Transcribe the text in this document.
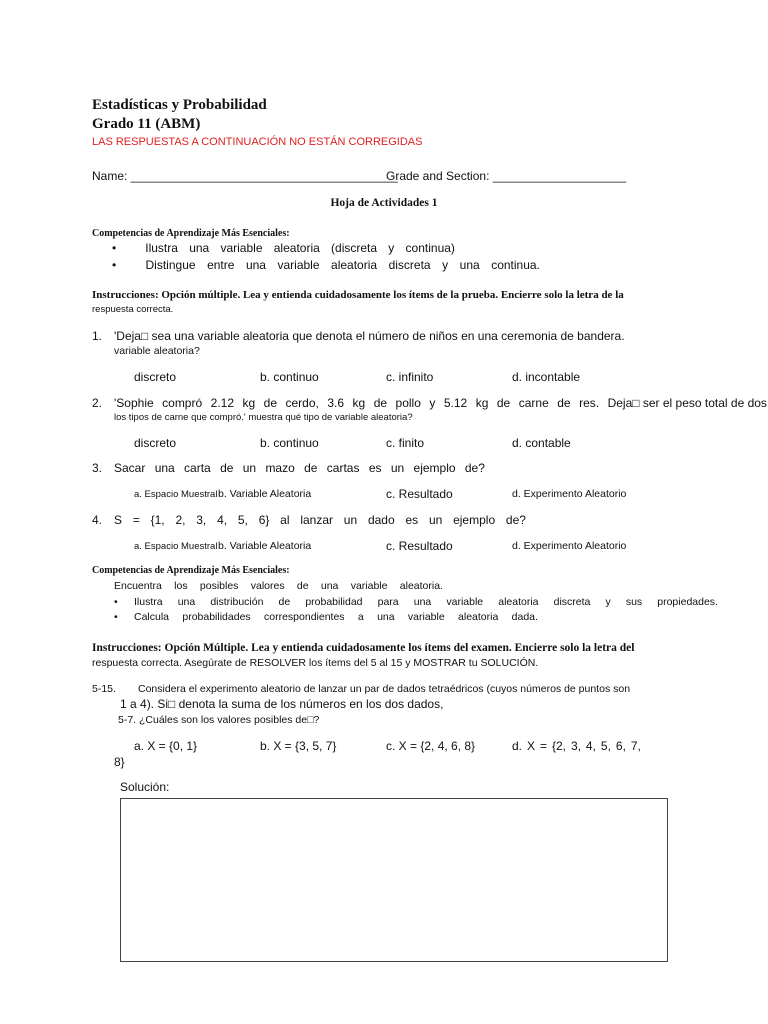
Estadísticas y Probabilidad
Grado 11 (ABM)
LAS RESPUESTAS A CONTINUACIÓN NO ESTÁN CORREGIDAS
Name: ________________________________________
Grade and Section: ____________________
Hoja de Actividades 1
Competencias de Aprendizaje Más Esenciales:
Ilustra una variable aleatoria (discreta y continua)
Distingue entre una variable aleatoria discreta y una continua.
Instrucciones: Opción múltiple. Lea y entienda cuidadosamente los ítems de la prueba. Encierre solo la letra de la
respuesta correcta.
1. 'Deja□ sea una variable aleatoria que denota el número de niños en una ceremonia de bandera.
variable aleatoria?
discreto	b. continuo	c. infinito	d. incontable
2. 'Sophie compró 2.12 kg de cerdo, 3.6 kg de pollo y 5.12 kg de carne de res. Deja□ ser el peso total de dos
los tipos de carne que compró.' muestra qué tipo de variable aleatoria?
discreto	b. continuo	c. finito	d. contable
3. Sacar una carta de un mazo de cartas es un ejemplo de?
a. Espacio Muestral b. Variable Aleatoria	c. Resultado	d. Experimento Aleatorio
4. S = {1, 2, 3, 4, 5, 6} al lanzar un dado es un ejemplo de?
a. Espacio Muestral b. Variable Aleatoria	c. Resultado	d. Experimento Aleatorio
Competencias de Aprendizaje Más Esenciales:
Encuentra los posibles valores de una variable aleatoria.
• Ilustra una distribución de probabilidad para una variable aleatoria discreta y sus propiedades.
• Calcula probabilidades correspondientes a una variable aleatoria dada.
Instrucciones: Opción Múltiple. Lea y entienda cuidadosamente los ítems del examen. Encierre solo la letra del
respuesta correcta. Asegúrate de RESOLVER los ítems del 5 al 15 y MOSTRAR tu SOLUCIÓN.
5-15. Considera el experimento aleatorio de lanzar un par de dados tetraédricos (cuyos números de puntos son
1 a 4). Si□ denota la suma de los números en los dos dados,
5-7. ¿Cuáles son los valores posibles de□?
a. X = {0, 1}	b. X = {3, 5, 7}	c. X = {2, 4, 6, 8}	d. X = {2, 3, 4, 5, 6, 7,
8}
Solución:
